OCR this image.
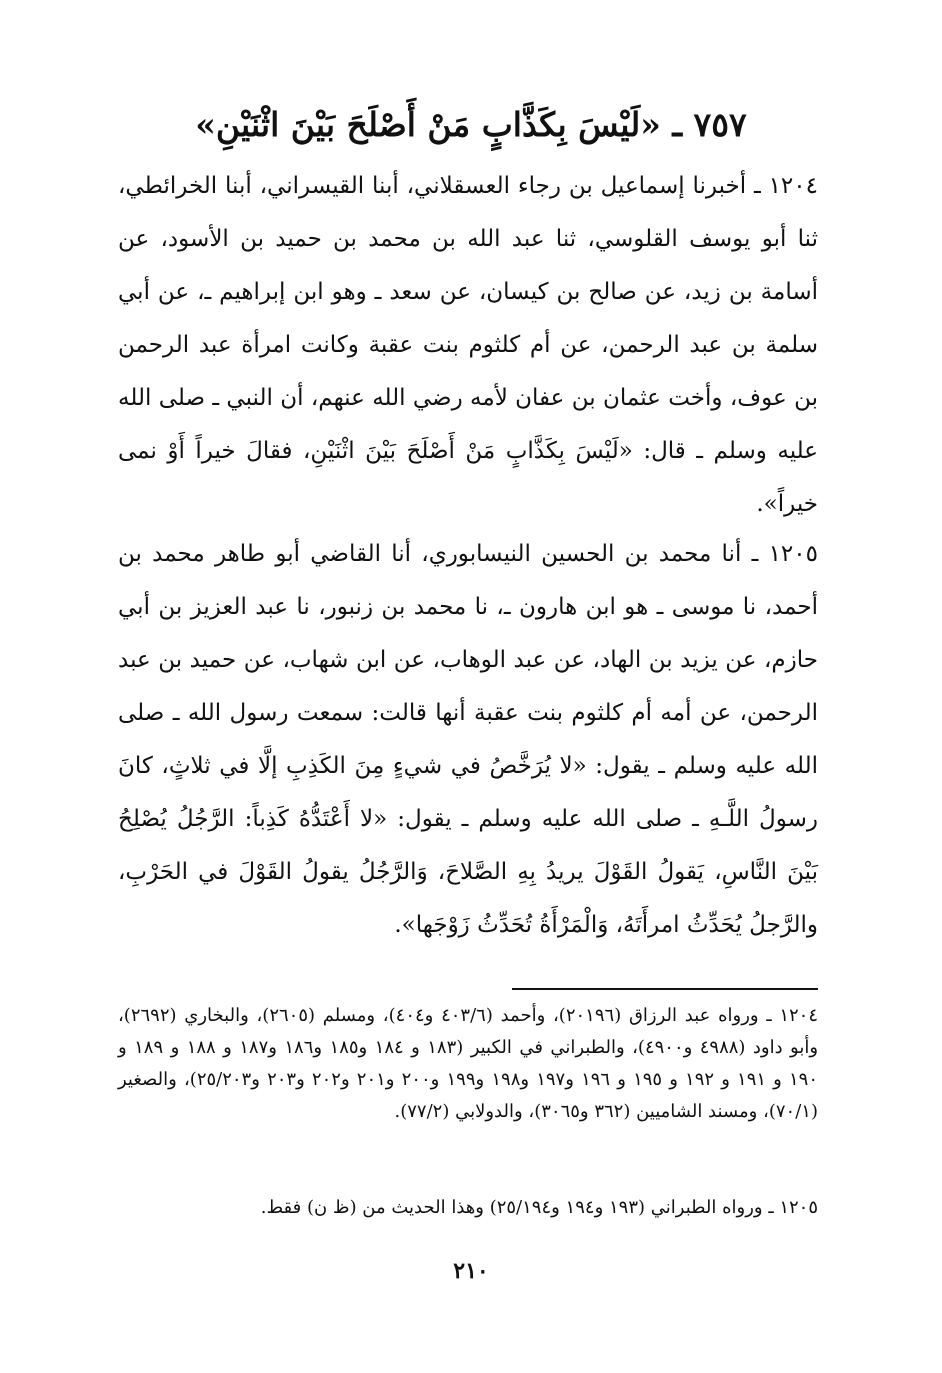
٧٥٧ ـ «لَيْسَ بِكَذَّابٍ مَنْ أَصْلَحَ بَيْنَ اثْنَيْنِ»

١٢٠٤ ـ أخبرنا إسماعيل بن رجاء العسقلاني، أبنا القيسراني، أبنا الخرائطي، ثنا أبو يوسف القلوسي، ثنا عبد الله بن محمد بن حميد بن الأسود، عن أسامة بن زيد، عن صالح بن كيسان، عن سعد ـ وهو ابن إبراهيم ـ، عن أبي سلمة بن عبد الرحمن، عن أم كلثوم بنت عقبة وكانت امرأة عبد الرحمن بن عوف، وأخت عثمان بن عفان لأمه رضي الله عنهم، أن النبي ـ صلى الله عليه وسلم ـ قال: «لَيْسَ بِكَذَّابٍ مَنْ أَصْلَحَ بَيْنَ اثْنَيْنِ، فقالَ خيراً أَوْ نمى خيراً».

١٢٠٥ ـ أنا محمد بن الحسين النيسابوري، أنا القاضي أبو طاهر محمد بن أحمد، نا موسى ـ هو ابن هارون ـ، نا محمد بن زنبور، نا عبد العزيز بن أبي حازم، عن يزيد بن الهاد، عن عبد الوهاب، عن ابن شهاب، عن حميد بن عبد الرحمن، عن أمه أم كلثوم بنت عقبة أنها قالت: سمعت رسول الله ـ صلى الله عليه وسلم ـ يقول: «لا يُرَخَّصُ في شيءٍ مِنَ الكَذِبِ إلَّا في ثلاثٍ، كانَ رسولُ اللَّـهِ ـ صلى الله عليه وسلم ـ يقول: «لا أَعْتَدُّهُ كَذِباً: الرَّجُلُ يُصْلِحُ بَيْنَ النَّاسِ، يَقولُ القَوْلَ يريدُ بِهِ الصَّلاحَ، وَالرَّجُلُ يقولُ القَوْلَ في الحَرْبِ، والرَّجلُ يُحَدِّثُ امرأَتَهُ، وَالْمَرْأَةُ تُحَدِّثُ زَوْجَها».

١٢٠٤ ـ ورواه عبد الرزاق (٢٠١٩٦)، وأحمد (٤٠٣/٦ و٤٠٤)، ومسلم (٢٦٠٥)، والبخاري (٢٦٩٢)، وأبو داود (٤٩٨٨ و٤٩٠٠)، والطبراني في الكبير (١٨٣ و ١٨٤ و١٨٥ و١٨٦ و١٨٧ و ١٨٨ و ١٨٩ و ١٩٠ و ١٩١ و ١٩٢ و ١٩٥ و ١٩٦ و١٩٧ و١٩٨ و١٩٩ و٢٠٠ و٢٠١ و٢٠٢ و٢٠٣ و٢٥/٢٠٣)، والصغير (٧٠/١)، ومسند الشاميين (٣٦٢ و٣٠٦٥)، والدولابي (٧٧/٢).

١٢٠٥ ـ ورواه الطبراني (١٩٣ و١٩٤ و٢٥/١٩٤) وهذا الحديث من (ظ ن) فقط.

٢١٠
